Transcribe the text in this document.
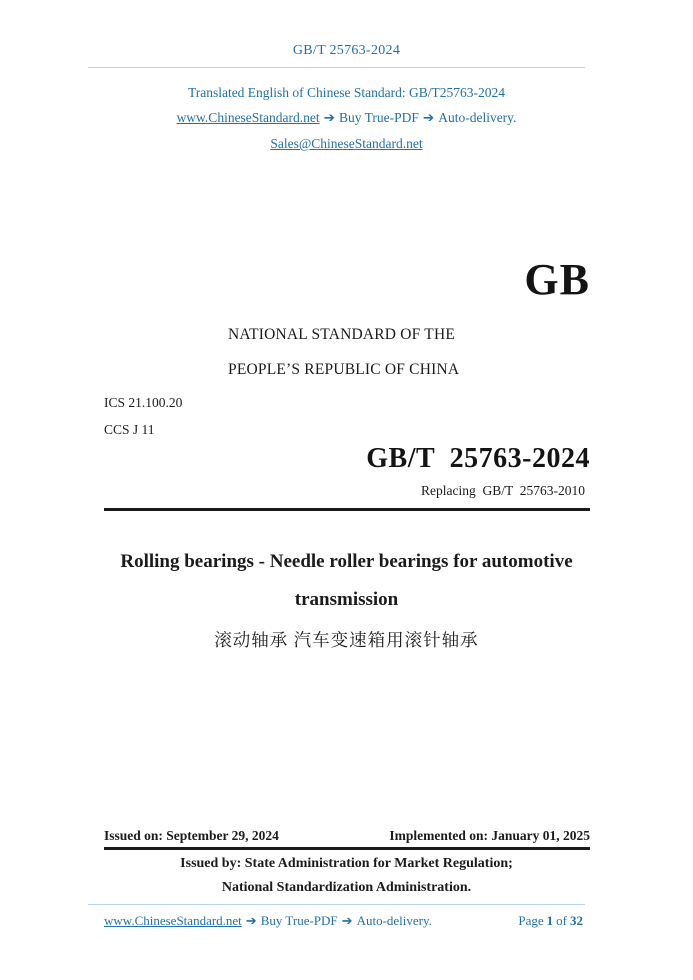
GB/T 25763-2024
Translated English of Chinese Standard: GB/T25763-2024
www.ChineseStandard.net ➔ Buy True-PDF ➔ Auto-delivery.
Sales@ChineseStandard.net
GB
NATIONAL STANDARD OF THE
PEOPLE’S REPUBLIC OF CHINA
ICS 21.100.20
CCS J 11
GB/T  25763-2024
Replacing  GB/T  25763-2010
Rolling bearings - Needle roller bearings for automotive
transmission
滚动轴承 汽车变速箱用滚针轴承
Issued on: September 29, 2024	Implemented on: January 01, 2025
Issued by: State Administration for Market Regulation;
National Standardization Administration.
www.ChineseStandard.net ➔ Buy True-PDF ➔ Auto-delivery.	Page 1 of 32
